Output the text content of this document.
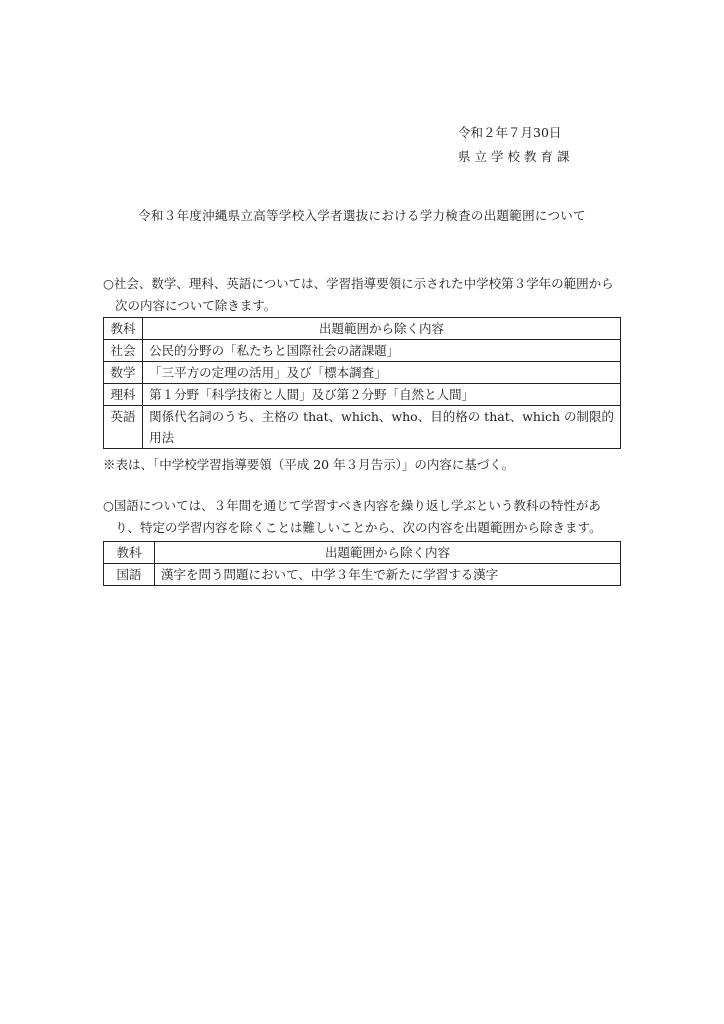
令和２年７月30日
県立学校教育課
令和３年度沖縄県立高等学校入学者選抜における学力検査の出題範囲について
○社会、数学、理科、英語については、学習指導要領に示された中学校第３学年の範囲から
次の内容について除きます。
教科	出題範囲から除く内容
社会	公民的分野の「私たちと国際社会の諸課題」
数学	「三平方の定理の活用」及び「標本調査」
理科	第１分野「科学技術と人間」及び第２分野「自然と人間」
英語	関係代名詞のうち、主格の that、which、who、目的格の that、which の制限的
用法
※表は、「中学校学習指導要領（平成 20 年３月告示）」の内容に基づく。
○国語については、３年間を通じて学習すべき内容を繰り返し学ぶという教科の特性があ
り、特定の学習内容を除くことは難しいことから、次の内容を出題範囲から除きます。
教科	出題範囲から除く内容
国語	漢字を問う問題において、中学３年生で新たに学習する漢字
